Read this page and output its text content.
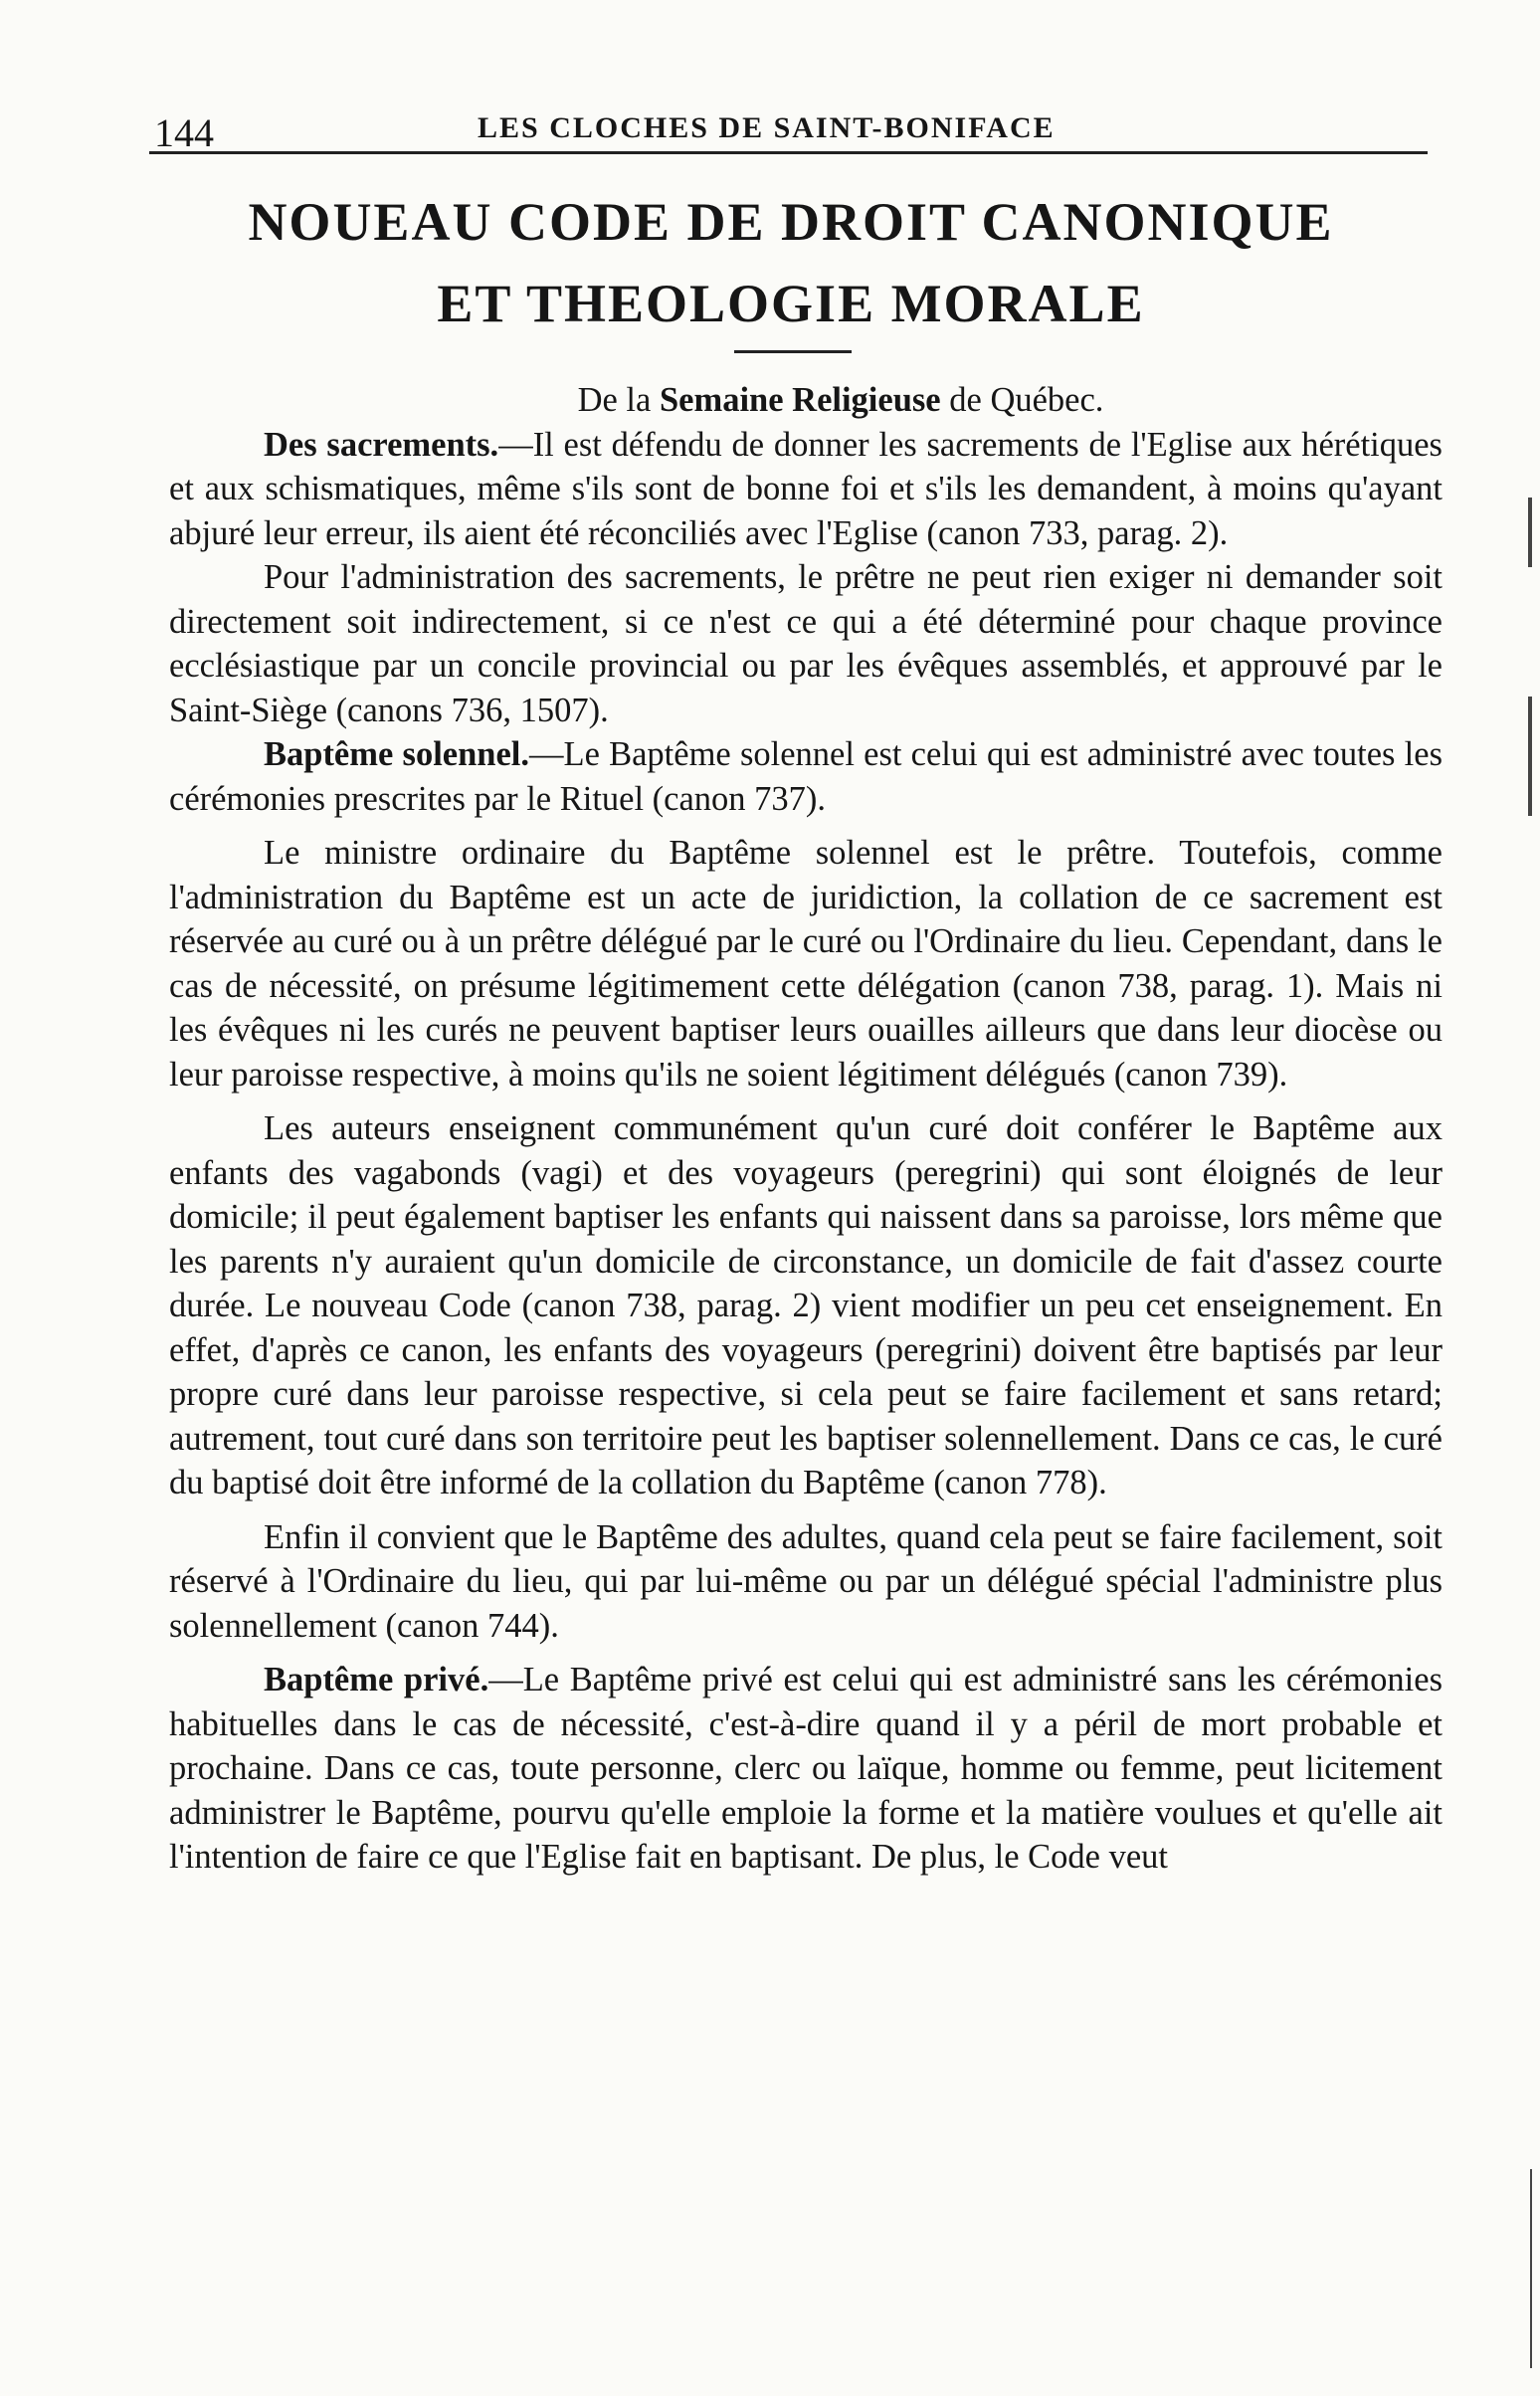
144	LES CLOCHES DE SAINT-BONIFACE
NOUEAU CODE DE DROIT CANONIQUE
ET THEOLOGIE MORALE

De la Semaine Religieuse de Québec.

Des sacrements.—Il est défendu de donner les sacrements de l'Eglise aux hérétiques et aux schismatiques, même s'ils sont de bonne foi et s'ils les demandent, à moins qu'ayant abjuré leur erreur, ils aient été réconciliés avec l'Eglise (canon 733, parag. 2).

Pour l'administration des sacrements, le prêtre ne peut rien exiger ni demander soit directement soit indirectement, si ce n'est ce qui a été déterminé pour chaque province ecclésiastique par un concile provincial ou par les évêques assemblés, et approuvé par le Saint-Siège (canons 736, 1507).

Baptême solennel.—Le Baptême solennel est celui qui est administré avec toutes les cérémonies prescrites par le Rituel (canon 737).

Le ministre ordinaire du Baptême solennel est le prêtre. Toutefois, comme l'administration du Baptême est un acte de juridiction, la collation de ce sacrement est réservée au curé ou à un prêtre délégué par le curé ou l'Ordinaire du lieu. Cependant, dans le cas de nécessité, on présume légitimement cette délégation (canon 738, parag. 1). Mais ni les évêques ni les curés ne peuvent baptiser leurs ouailles ailleurs que dans leur diocèse ou leur paroisse respective, à moins qu'ils ne soient légitiment délégués (canon 739).

Les auteurs enseignent communément qu'un curé doit conférer le Baptême aux enfants des vagabonds (vagi) et des voyageurs (peregrini) qui sont éloignés de leur domicile; il peut également baptiser les enfants qui naissent dans sa paroisse, lors même que les parents n'y auraient qu'un domicile de circonstance, un domicile de fait d'assez courte durée. Le nouveau Code (canon 738, parag. 2) vient modifier un peu cet enseignement. En effet, d'après ce canon, les enfants des voyageurs (peregrini) doivent être baptisés par leur propre curé dans leur paroisse respective, si cela peut se faire facilement et sans retard; autrement, tout curé dans son territoire peut les baptiser solennellement. Dans ce cas, le curé du baptisé doit être informé de la collation du Baptême (canon 778).

Enfin il convient que le Baptême des adultes, quand cela peut se faire facilement, soit réservé à l'Ordinaire du lieu, qui par lui-même ou par un délégué spécial l'administre plus solennellement (canon 744).

Baptême privé.—Le Baptême privé est celui qui est administré sans les cérémonies habituelles dans le cas de nécessité, c'est-à-dire quand il y a péril de mort probable et prochaine. Dans ce cas, toute personne, clerc ou laïque, homme ou femme, peut licitement administrer le Baptême, pourvu qu'elle emploie la forme et la matière voulues et qu'elle ait l'intention de faire ce que l'Eglise fait en baptisant. De plus, le Code veut
